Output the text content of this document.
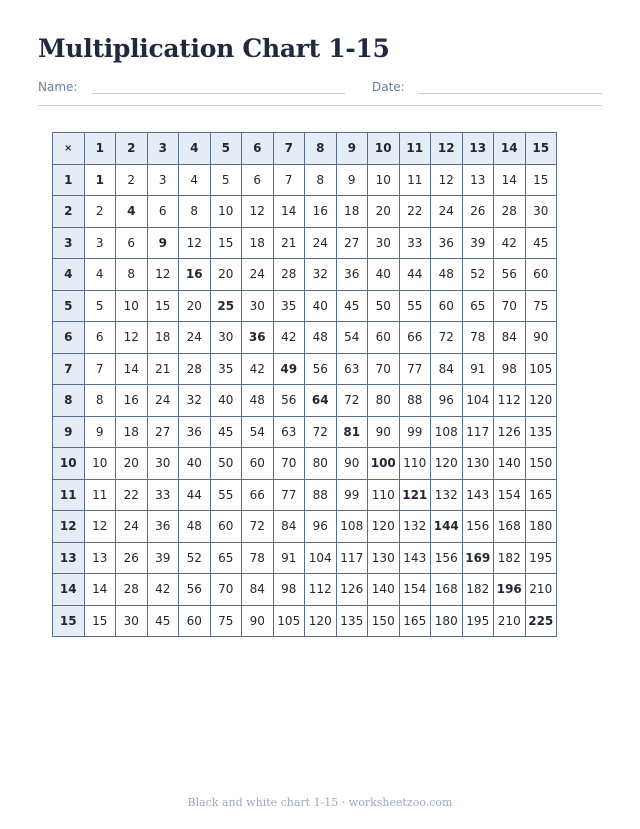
Multiplication Chart 1-15
Name:	Date:
×	1	2	3	4	5	6	7	8	9	10	11	12	13	14	15
1	1	2	3	4	5	6	7	8	9	10	11	12	13	14	15
2	2	4	6	8	10	12	14	16	18	20	22	24	26	28	30
3	3	6	9	12	15	18	21	24	27	30	33	36	39	42	45
4	4	8	12	16	20	24	28	32	36	40	44	48	52	56	60
5	5	10	15	20	25	30	35	40	45	50	55	60	65	70	75
6	6	12	18	24	30	36	42	48	54	60	66	72	78	84	90
7	7	14	21	28	35	42	49	56	63	70	77	84	91	98	105
8	8	16	24	32	40	48	56	64	72	80	88	96	104	112	120
9	9	18	27	36	45	54	63	72	81	90	99	108	117	126	135
10	10	20	30	40	50	60	70	80	90	100	110	120	130	140	150
11	11	22	33	44	55	66	77	88	99	110	121	132	143	154	165
12	12	24	36	48	60	72	84	96	108	120	132	144	156	168	180
13	13	26	39	52	65	78	91	104	117	130	143	156	169	182	195
14	14	28	42	56	70	84	98	112	126	140	154	168	182	196	210
15	15	30	45	60	75	90	105	120	135	150	165	180	195	210	225
Black and white chart 1-15 · worksheetzoo.com
